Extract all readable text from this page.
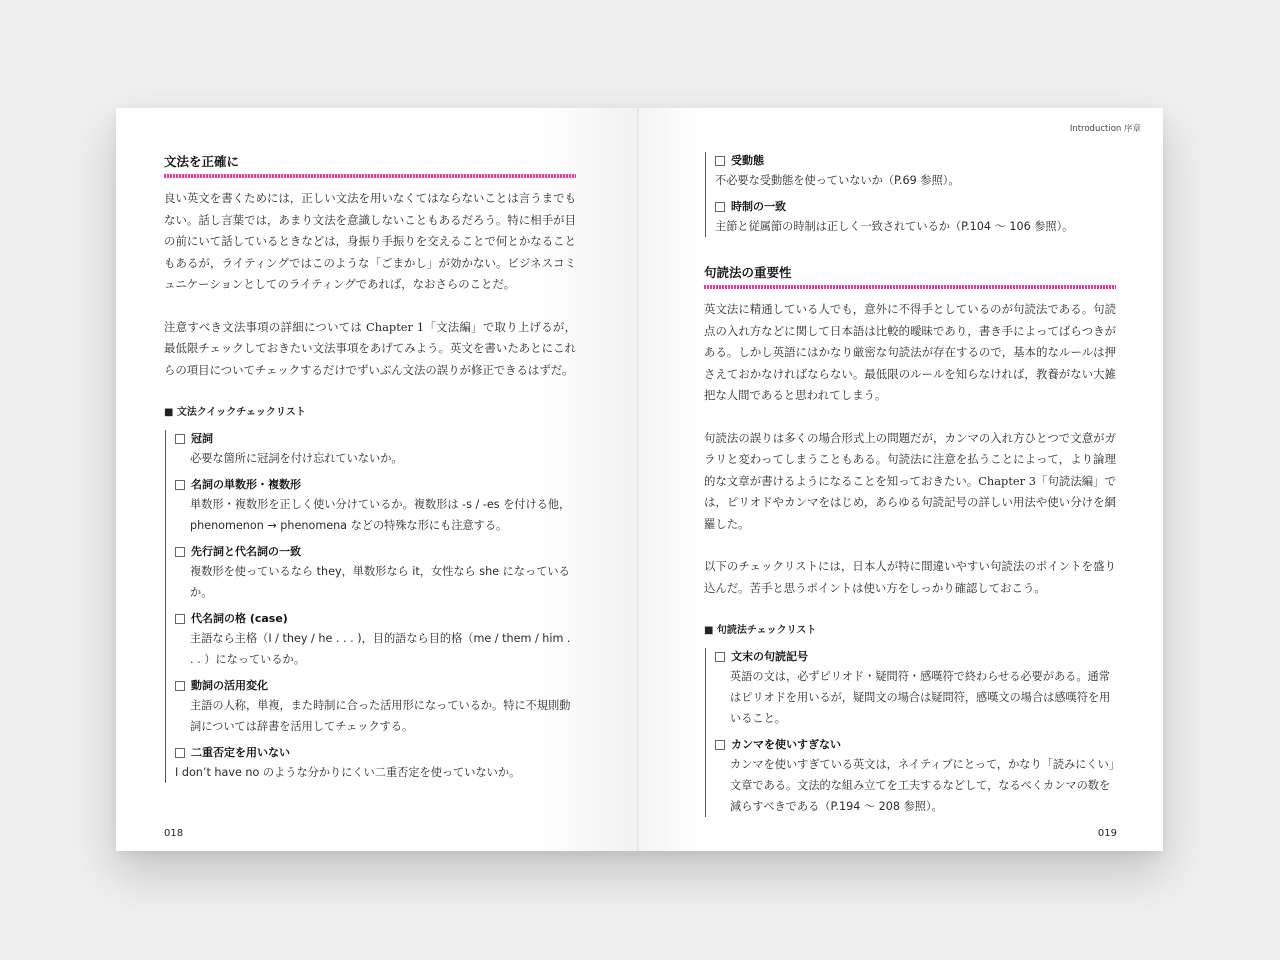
文法を正確に

良い英文を書くためには，正しい文法を用いなくてはならないことは言うまでもない。話し言葉では，あまり文法を意識しないこともあるだろう。特に相手が目の前にいて話しているときなどは，身振り手振りを交えることで何とかなることもあるが，ライティングではこのような「ごまかし」が効かない。ビジネスコミュニケーションとしてのライティングであれば，なおさらのことだ。

注意すべき文法事項の詳細については Chapter 1「文法編」で取り上げるが，最低限チェックしておきたい文法事項をあげてみよう。英文を書いたあとにこれらの項目についてチェックするだけでずいぶん文法の誤りが修正できるはずだ。

■ 文法クイックチェックリスト

冠詞
必要な箇所に冠詞を付け忘れていないか。
名詞の単数形・複数形
単数形・複数形を正しく使い分けているか。複数形は -s / -es を付ける他，phenomenon → phenomena などの特殊な形にも注意する。
先行詞と代名詞の一致
複数形を使っているなら they，単数形なら it，女性なら she になっているか。
代名詞の格 (case)
主語なら主格（I / they / he . . . )，目的語なら目的格（me / them / him . . . ）になっているか。
動詞の活用変化
主語の人称，単複，また時制に合った活用形になっているか。特に不規則動詞については辞書を活用してチェックする。
二重否定を用いない
I don’t have no のような分かりにくい二重否定を使っていないか。
018
Introduction 序章
受動態
不必要な受動態を使っていないか（P.69 参照）。
時制の一致
主節と従属節の時制は正しく一致されているか（P.104 〜 106 参照）。
句読法の重要性

英文法に精通している人でも，意外に不得手としているのが句読法である。句読点の入れ方などに関して日本語は比較的曖昧であり，書き手によってばらつきがある。しかし英語にはかなり厳密な句読法が存在するので，基本的なルールは押さえておかなければならない。最低限のルールを知らなければ，教養がない大雑把な人間であると思われてしまう。

句読法の誤りは多くの場合形式上の問題だが，カンマの入れ方ひとつで文意がガラリと変わってしまうこともある。句読法に注意を払うことによって，より論理的な文章が書けるようになることを知っておきたい。Chapter 3「句読法編」では，ピリオドやカンマをはじめ，あらゆる句読記号の詳しい用法や使い分けを網羅した。

以下のチェックリストには，日本人が特に間違いやすい句読法のポイントを盛り込んだ。苦手と思うポイントは使い方をしっかり確認しておこう。

■ 句読法チェックリスト

文末の句読記号
英語の文は，必ずピリオド・疑問符・感嘆符で終わらせる必要がある。通常はピリオドを用いるが，疑問文の場合は疑問符，感嘆文の場合は感嘆符を用いること。
カンマを使いすぎない
カンマを使いすぎている英文は，ネイティブにとって，かなり「読みにくい」文章である。文法的な組み立てを工夫するなどして，なるべくカンマの数を減らすべきである（P.194 〜 208 参照）。
019
